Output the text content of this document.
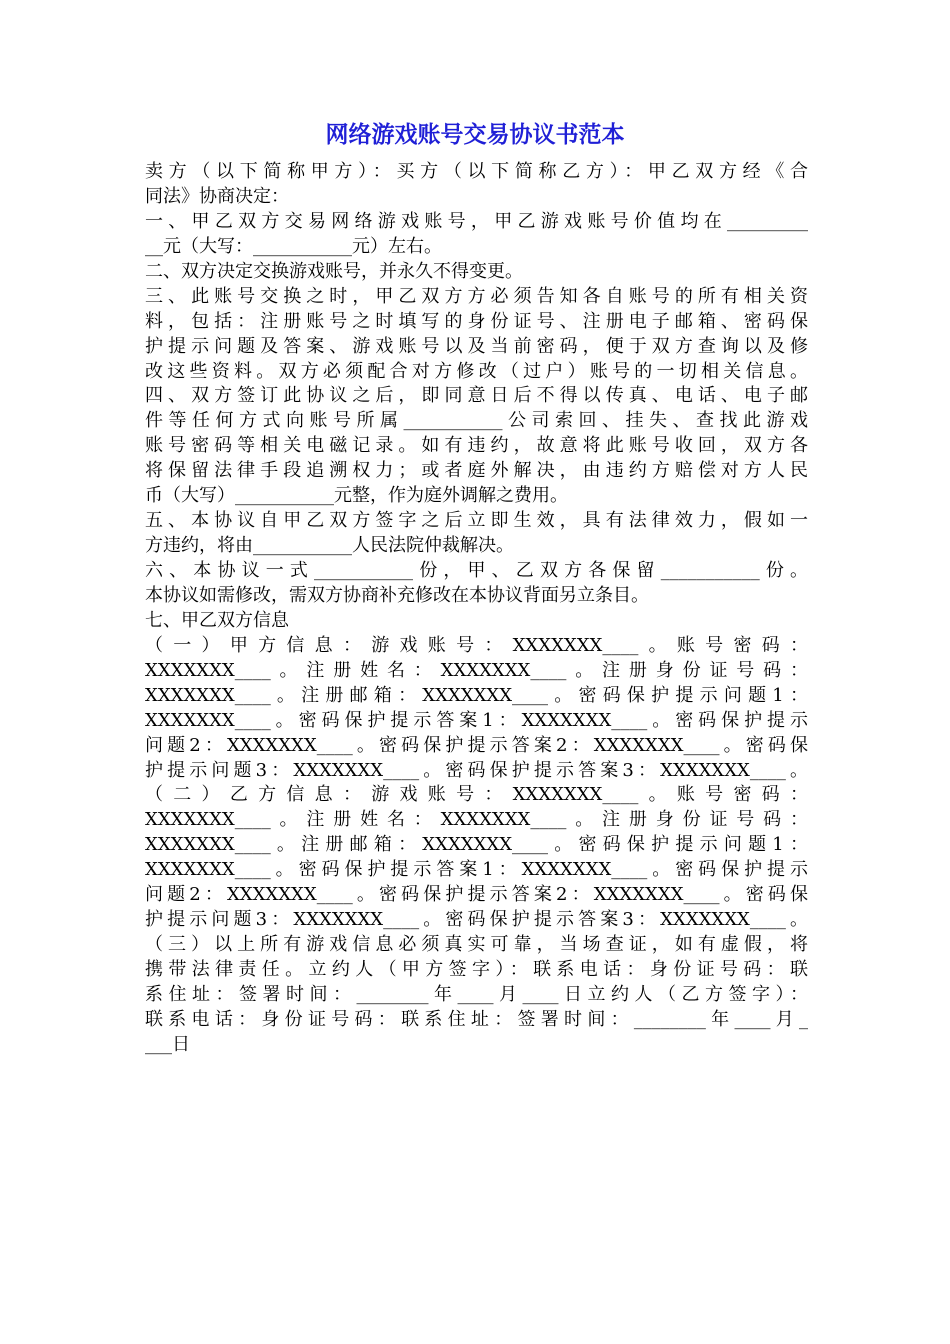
网络游戏账号交易协议书范本
卖方（以下简称甲方）：买方（以下简称乙方）：甲乙双方经《合
同法》协商决定：
一、甲乙双方交易网络游戏账号，甲乙游戏账号价值均在_________
__元（大写：___________元）左右。
二、双方决定交换游戏账号，并永久不得变更。
三、此账号交换之时，甲乙双方方必须告知各自账号的所有相关资
料，包括：注册账号之时填写的身份证号、注册电子邮箱、密码保
护提示问题及答案、游戏账号以及当前密码，便于双方查询以及修
改这些资料。双方必须配合对方修改（过户）账号的一切相关信息。
四、双方签订此协议之后，即同意日后不得以传真、电话、电子邮
件等任何方式向账号所属___________公司索回、挂失、查找此游戏
账号密码等相关电磁记录。如有违约，故意将此账号收回，双方各
将保留法律手段追溯权力；或者庭外解决，由违约方赔偿对方人民
币（大写）___________元整，作为庭外调解之费用。
五、本协议自甲乙双方签字之后立即生效，具有法律效力，假如一
方违约，将由___________人民法院仲裁解决。
六、本协议一式___________份，甲、乙双方各保留___________份。
本协议如需修改，需双方协商补充修改在本协议背面另立条目。
七、甲乙双方信息
（一）甲方信息：游戏账号：XXXXXXX____。账号密码：
XXXXXXX____。注册姓名：XXXXXXX____。注册身份证号码：
XXXXXXX____。注册邮箱：XXXXXXX____。密码保护提示问题1：
XXXXXXX____。密码保护提示答案1：XXXXXXX____。密码保护提示
问题2：XXXXXXX____。密码保护提示答案2：XXXXXXX____。密码保
护提示问题3：XXXXXXX____。密码保护提示答案3：XXXXXXX____。
（二）乙方信息：游戏账号：XXXXXXX____。账号密码：
XXXXXXX____。注册姓名：XXXXXXX____。注册身份证号码：
XXXXXXX____。注册邮箱：XXXXXXX____。密码保护提示问题1：
XXXXXXX____。密码保护提示答案1：XXXXXXX____。密码保护提示
问题2：XXXXXXX____。密码保护提示答案2：XXXXXXX____。密码保
护提示问题3：XXXXXXX____。密码保护提示答案3：XXXXXXX____。
（三）以上所有游戏信息必须真实可靠，当场查证，如有虚假，将
携带法律责任。立约人（甲方签字）：联系电话：身份证号码：联
系住址：签署时间：________年____月____日立约人（乙方签字）：
联系电话：身份证号码：联系住址：签署时间：________年____月_
___日
